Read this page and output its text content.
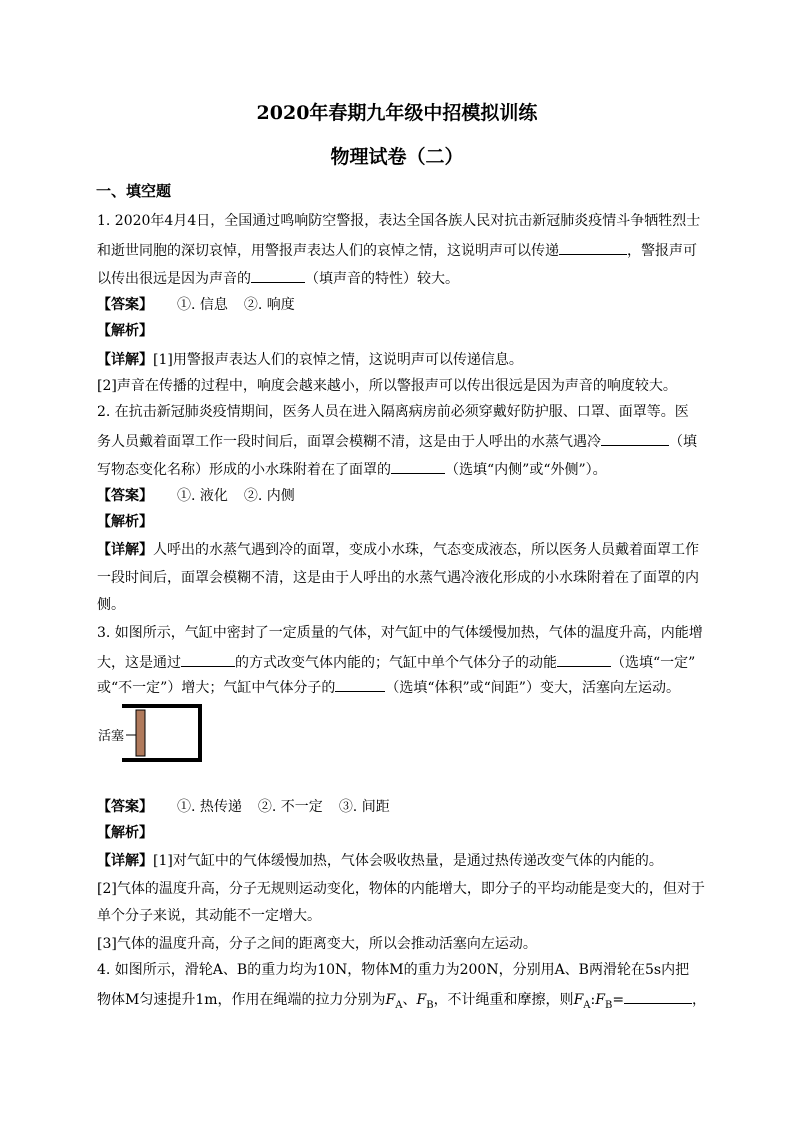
2020年春期九年级中招模拟训练
物理试卷（二）
一、填空题
1. 2020年4月4日，全国通过鸣响防空警报，表达全国各族人民对抗击新冠肺炎疫情斗争牺牲烈士
和逝世同胞的深切哀悼，用警报声表达人们的哀悼之情，这说明声可以传递	，警报声可
以传出很远是因为声音的	（填声音的特性）较大。
【答案】 ①. 信息 ②. 响度
【解析】
【详解】[1]用警报声表达人们的哀悼之情，这说明声可以传递信息。
[2]声音在传播的过程中，响度会越来越小，所以警报声可以传出很远是因为声音的响度较大。
2. 在抗击新冠肺炎疫情期间，医务人员在进入隔离病房前必须穿戴好防护服、口罩、面罩等。医
务人员戴着面罩工作一段时间后，面罩会模糊不清，这是由于人呼出的水蒸气遇冷	（填
写物态变化名称）形成的小水珠附着在了面罩的	（选填“内侧”或“外侧”）。
【答案】 ①. 液化 ②. 内侧
【解析】
【详解】人呼出的水蒸气遇到冷的面罩，变成小水珠，气态变成液态，所以医务人员戴着面罩工作
一段时间后，面罩会模糊不清，这是由于人呼出的水蒸气遇冷液化形成的小水珠附着在了面罩的内
侧。
3. 如图所示，气缸中密封了一定质量的气体，对气缸中的气体缓慢加热，气体的温度升高，内能增
大，这是通过	的方式改变气体内能的；气缸中单个气体分子的动能	（选填“一定”
或“不一定”）增大；气缸中气体分子的	（选填“体积”或“间距”）变大，活塞向左运动。
活塞
【答案】 ①. 热传递 ②. 不一定 ③. 间距
【解析】
【详解】[1]对气缸中的气体缓慢加热，气体会吸收热量，是通过热传递改变气体的内能的。
[2]气体的温度升高，分子无规则运动变化，物体的内能增大，即分子的平均动能是变大的，但对于
单个分子来说，其动能不一定增大。
[3]气体的温度升高，分子之间的距离变大，所以会推动活塞向左运动。
4. 如图所示，滑轮A、B的重力均为10N，物体M的重力为200N，分别用A、B两滑轮在5s内把
物体M匀速提升1m，作用在绳端的拉力分别为$F_A$、$F_B$，不计绳重和摩擦，则$F_A:F_B=$	，
